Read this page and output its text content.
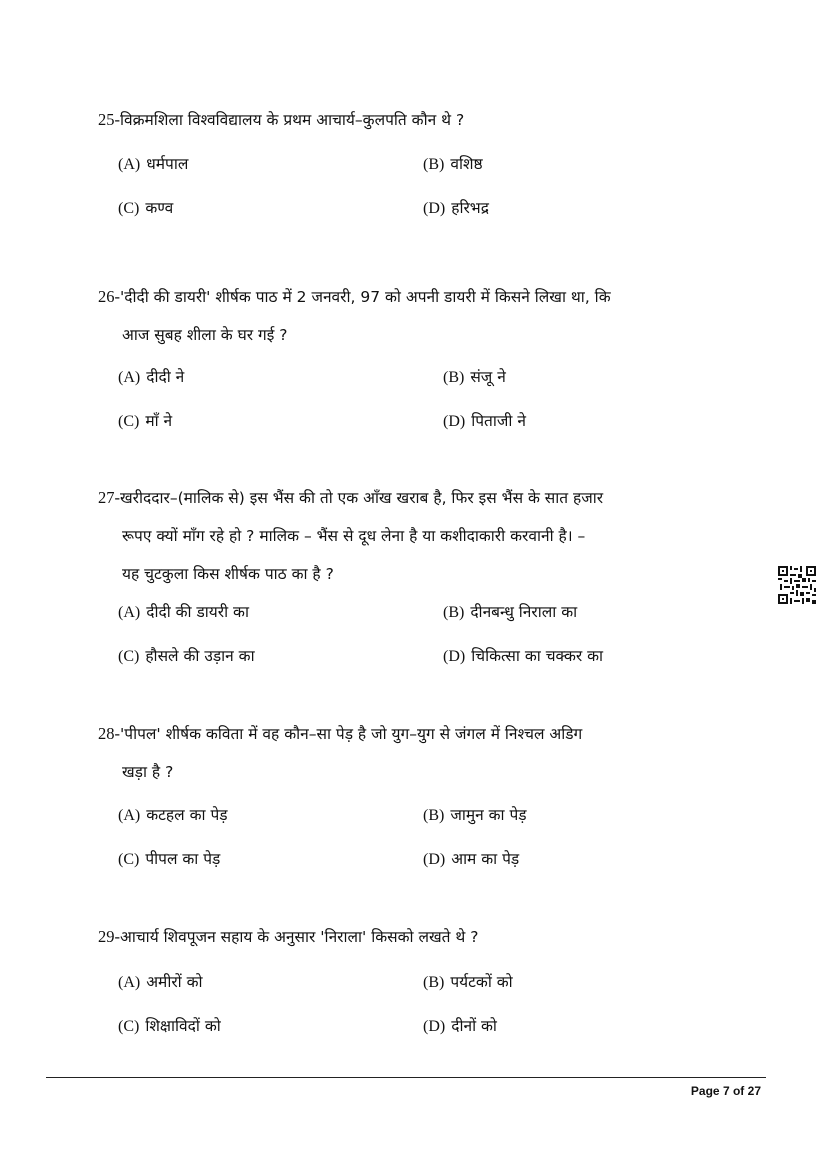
25-विक्रमशिला विश्वविद्यालय के प्रथम आचार्य–कुलपति कौन थे ?
(A) धर्मपाल	(B) वशिष्ठ
(C) कण्व	(D) हरिभद्र
26-'दीदी की डायरी' शीर्षक पाठ में 2 जनवरी, 97 को अपनी डायरी में किसने लिखा था, कि
आज सुबह शीला के घर गई ?
(A) दीदी ने	(B) संजू ने
(C) माँ ने	(D) पिताजी ने
27-खरीददार–(मालिक से) इस भैंस की तो एक आँख खराब है, फिर इस भैंस के सात हजार
रूपए क्यों माँग रहे हो ? मालिक – भैंस से दूध लेना है या कशीदाकारी करवानी है। –
यह चुटकुला किस शीर्षक पाठ का है ?
(A) दीदी की डायरी का	(B) दीनबन्धु निराला का
(C) हौसले की उड़ान का	(D) चिकित्सा का चक्कर का
28-'पीपल' शीर्षक कविता में वह कौन–सा पेड़ है जो युग–युग से जंगल में निश्चल अडिग
खड़ा है ?
(A) कटहल का पेड़	(B) जामुन का पेड़
(C) पीपल का पेड़	(D) आम का पेड़
29-आचार्य शिवपूजन सहाय के अनुसार 'निराला' किसको लखते थे ?
(A) अमीरों को	(B) पर्यटकों को
(C) शिक्षाविदों को	(D) दीनों को
Page 7 of 27
